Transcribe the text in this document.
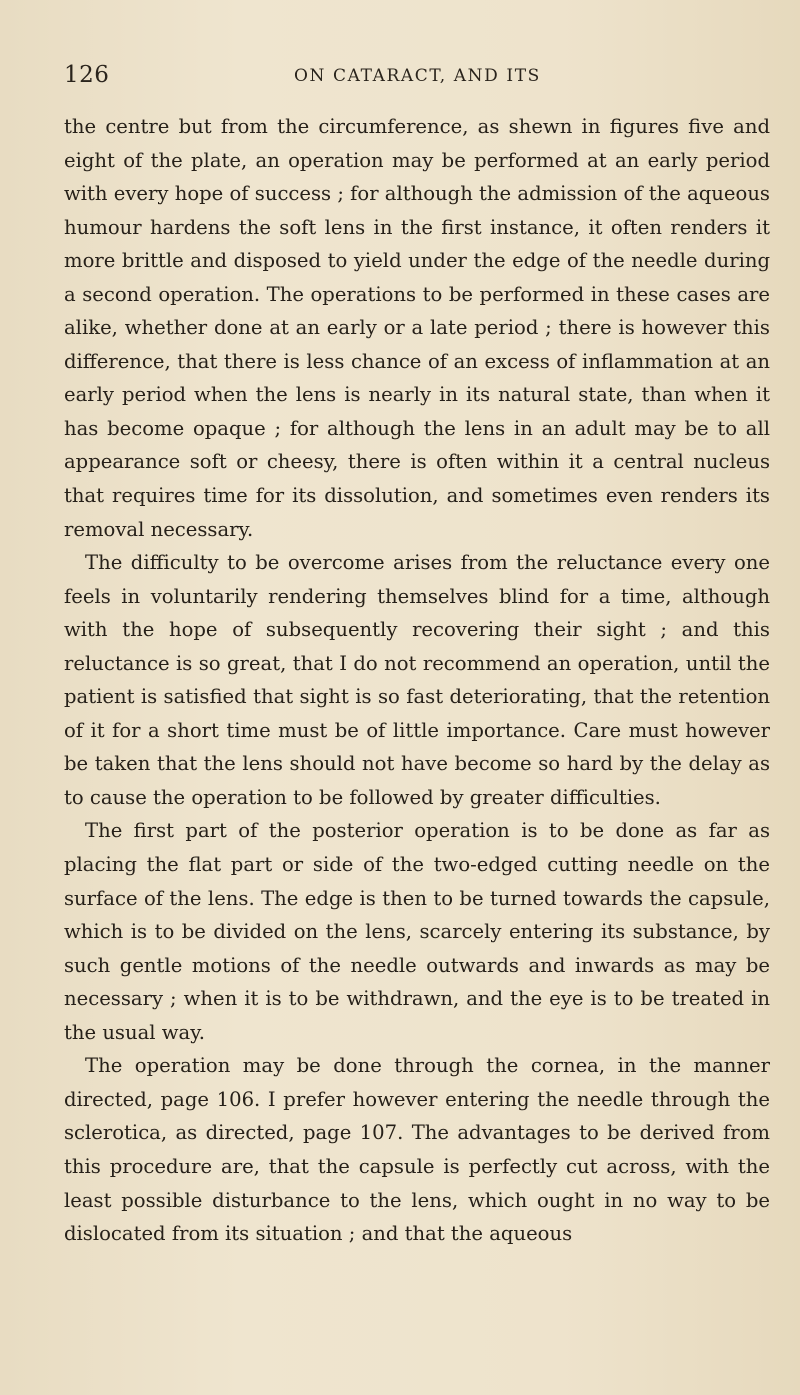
126	ON CATARACT, AND ITS

the centre but from the circumference, as shewn in figures five and eight of the plate, an operation may be performed at an early period with every hope of success ; for although the admission of the aqueous humour hardens the soft lens in the first instance, it often renders it more brittle and disposed to yield under the edge of the needle during a second operation. The operations to be performed in these cases are alike, whether done at an early or a late period ; there is however this difference, that there is less chance of an excess of inflammation at an early period when the lens is nearly in its natural state, than when it has become opaque ; for although the lens in an adult may be to all appearance soft or cheesy, there is often within it a central nucleus that requires time for its dissolution, and sometimes even renders its removal necessary.

The difficulty to be overcome arises from the reluctance every one feels in voluntarily rendering themselves blind for a time, although with the hope of subsequently recovering their sight ; and this reluctance is so great, that I do not recommend an operation, until the patient is satisfied that sight is so fast deteriorating, that the retention of it for a short time must be of little importance. Care must however be taken that the lens should not have become so hard by the delay as to cause the operation to be followed by greater difficulties.

The first part of the posterior operation is to be done as far as placing the flat part or side of the two-edged cutting needle on the surface of the lens. The edge is then to be turned towards the capsule, which is to be divided on the lens, scarcely entering its substance, by such gentle motions of the needle outwards and inwards as may be necessary ; when it is to be withdrawn, and the eye is to be treated in the usual way.

The operation may be done through the cornea, in the manner directed, page 106. I prefer however entering the needle through the sclerotica, as directed, page 107. The advantages to be derived from this procedure are, that the capsule is perfectly cut across, with the least possible disturbance to the lens, which ought in no way to be dislocated from its situation ; and that the aqueous
